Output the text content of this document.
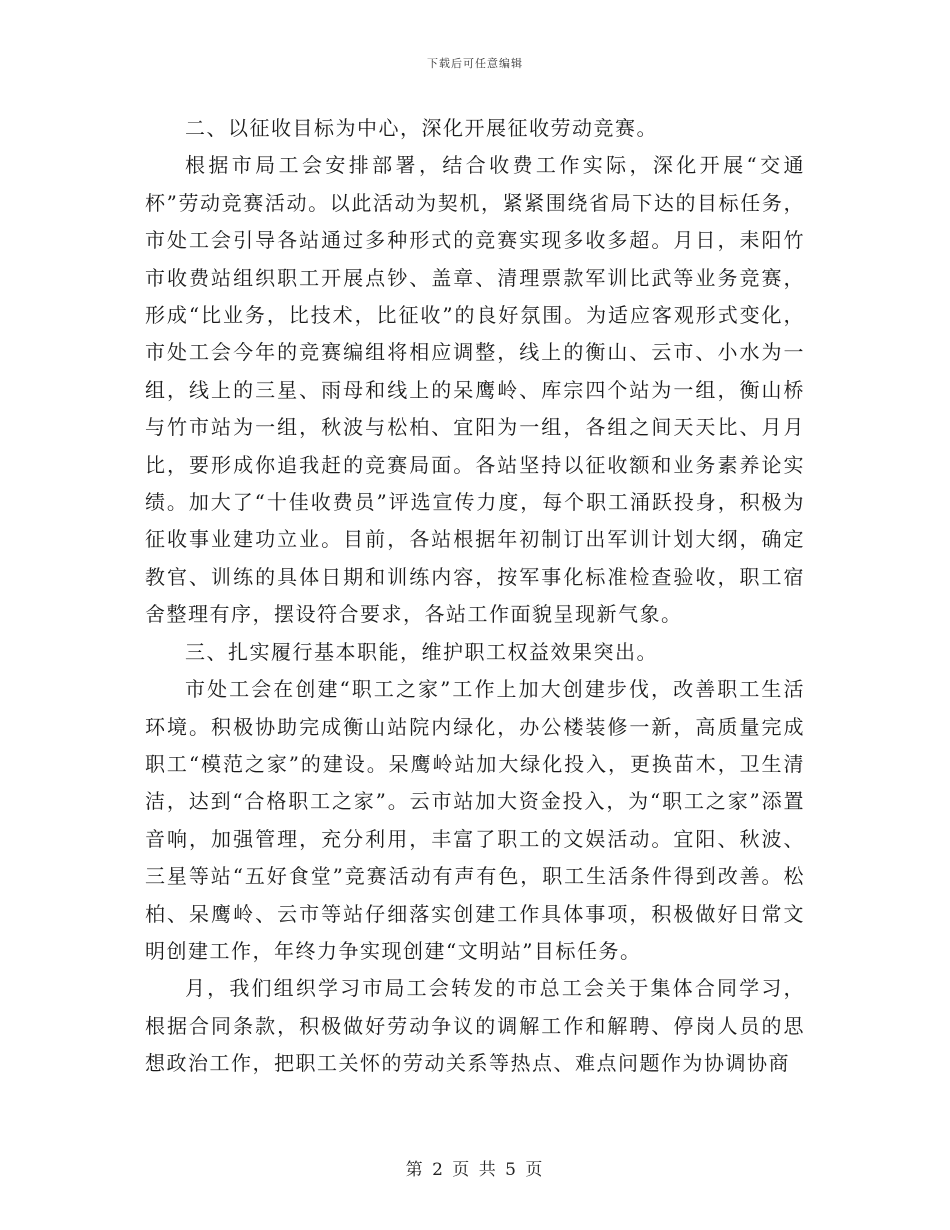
下载后可任意编辑

二、以征收目标为中心，深化开展征收劳动竞赛。

根据市局工会安排部署，结合收费工作实际，深化开展“交通杯”劳动竞赛活动。以此活动为契机，紧紧围绕省局下达的目标任务，市处工会引导各站通过多种形式的竞赛实现多收多超。月日，耒阳竹市收费站组织职工开展点钞、盖章、清理票款军训比武等业务竞赛，形成“比业务，比技术，比征收”的良好氛围。为适应客观形式变化，市处工会今年的竞赛编组将相应调整，线上的衡山、云市、小水为一组，线上的三星、雨母和线上的呆鹰岭、库宗四个站为一组，衡山桥与竹市站为一组，秋波与松柏、宜阳为一组，各组之间天天比、月月比，要形成你追我赶的竞赛局面。各站坚持以征收额和业务素养论实绩。加大了“十佳收费员”评选宣传力度，每个职工涌跃投身，积极为征收事业建功立业。目前，各站根据年初制订出军训计划大纲，确定教官、训练的具体日期和训练内容，按军事化标准检查验收，职工宿舍整理有序，摆设符合要求，各站工作面貌呈现新气象。

三、扎实履行基本职能，维护职工权益效果突出。

市处工会在创建“职工之家”工作上加大创建步伐，改善职工生活环境。积极协助完成衡山站院内绿化，办公楼装修一新，高质量完成职工“模范之家”的建设。呆鹰岭站加大绿化投入，更换苗木，卫生清洁，达到“合格职工之家”。云市站加大资金投入，为“职工之家”添置音响，加强管理，充分利用，丰富了职工的文娱活动。宜阳、秋波、三星等站“五好食堂”竞赛活动有声有色，职工生活条件得到改善。松柏、呆鹰岭、云市等站仔细落实创建工作具体事项，积极做好日常文明创建工作，年终力争实现创建“文明站”目标任务。

月，我们组织学习市局工会转发的市总工会关于集体合同学习，根据合同条款，积极做好劳动争议的调解工作和解聘、停岗人员的思想政治工作，把职工关怀的劳动关系等热点、难点问题作为协调协商

第 2 页 共 5 页
